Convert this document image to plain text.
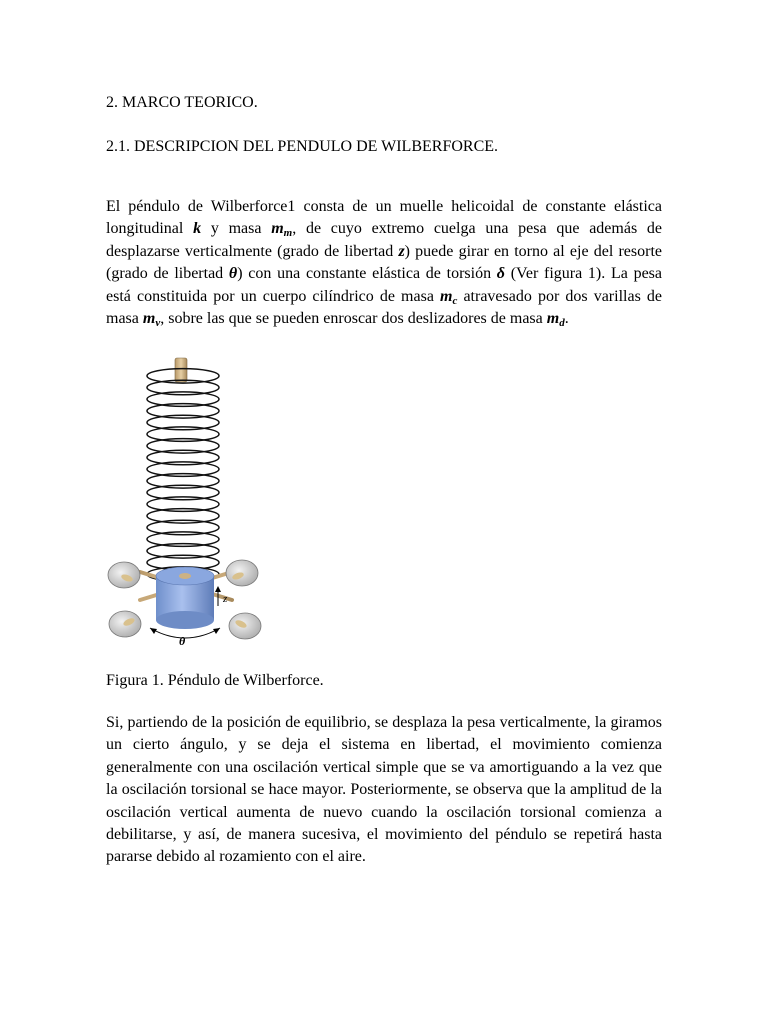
2. MARCO TEORICO.
2.1. DESCRIPCION DEL PENDULO DE WILBERFORCE.

El péndulo de Wilberforce1 consta de un muelle helicoidal de constante elástica longitudinal k y masa $m_m$, de cuyo extremo cuelga una pesa que además de desplazarse verticalmente (grado de libertad z) puede girar en torno al eje del resorte (grado de libertad θ) con una constante elástica de torsión δ (Ver figura 1). La pesa está constituida por un cuerpo cilíndrico de masa $m_c$ atravesado por dos varillas de masa $m_v$, sobre las que se pueden enroscar dos deslizadores de masa $m_d$.

z
θ

Figura 1. Péndulo de Wilberforce.

Si, partiendo de la posición de equilibrio, se desplaza la pesa verticalmente, la giramos un cierto ángulo, y se deja el sistema en libertad, el movimiento comienza generalmente con una oscilación vertical simple que se va amortiguando a la vez que la oscilación torsional se hace mayor. Posteriormente, se observa que la amplitud de la oscilación vertical aumenta de nuevo cuando la oscilación torsional comienza a debilitarse, y así, de manera sucesiva, el movimiento del péndulo se repetirá hasta pararse debido al rozamiento con el aire.
